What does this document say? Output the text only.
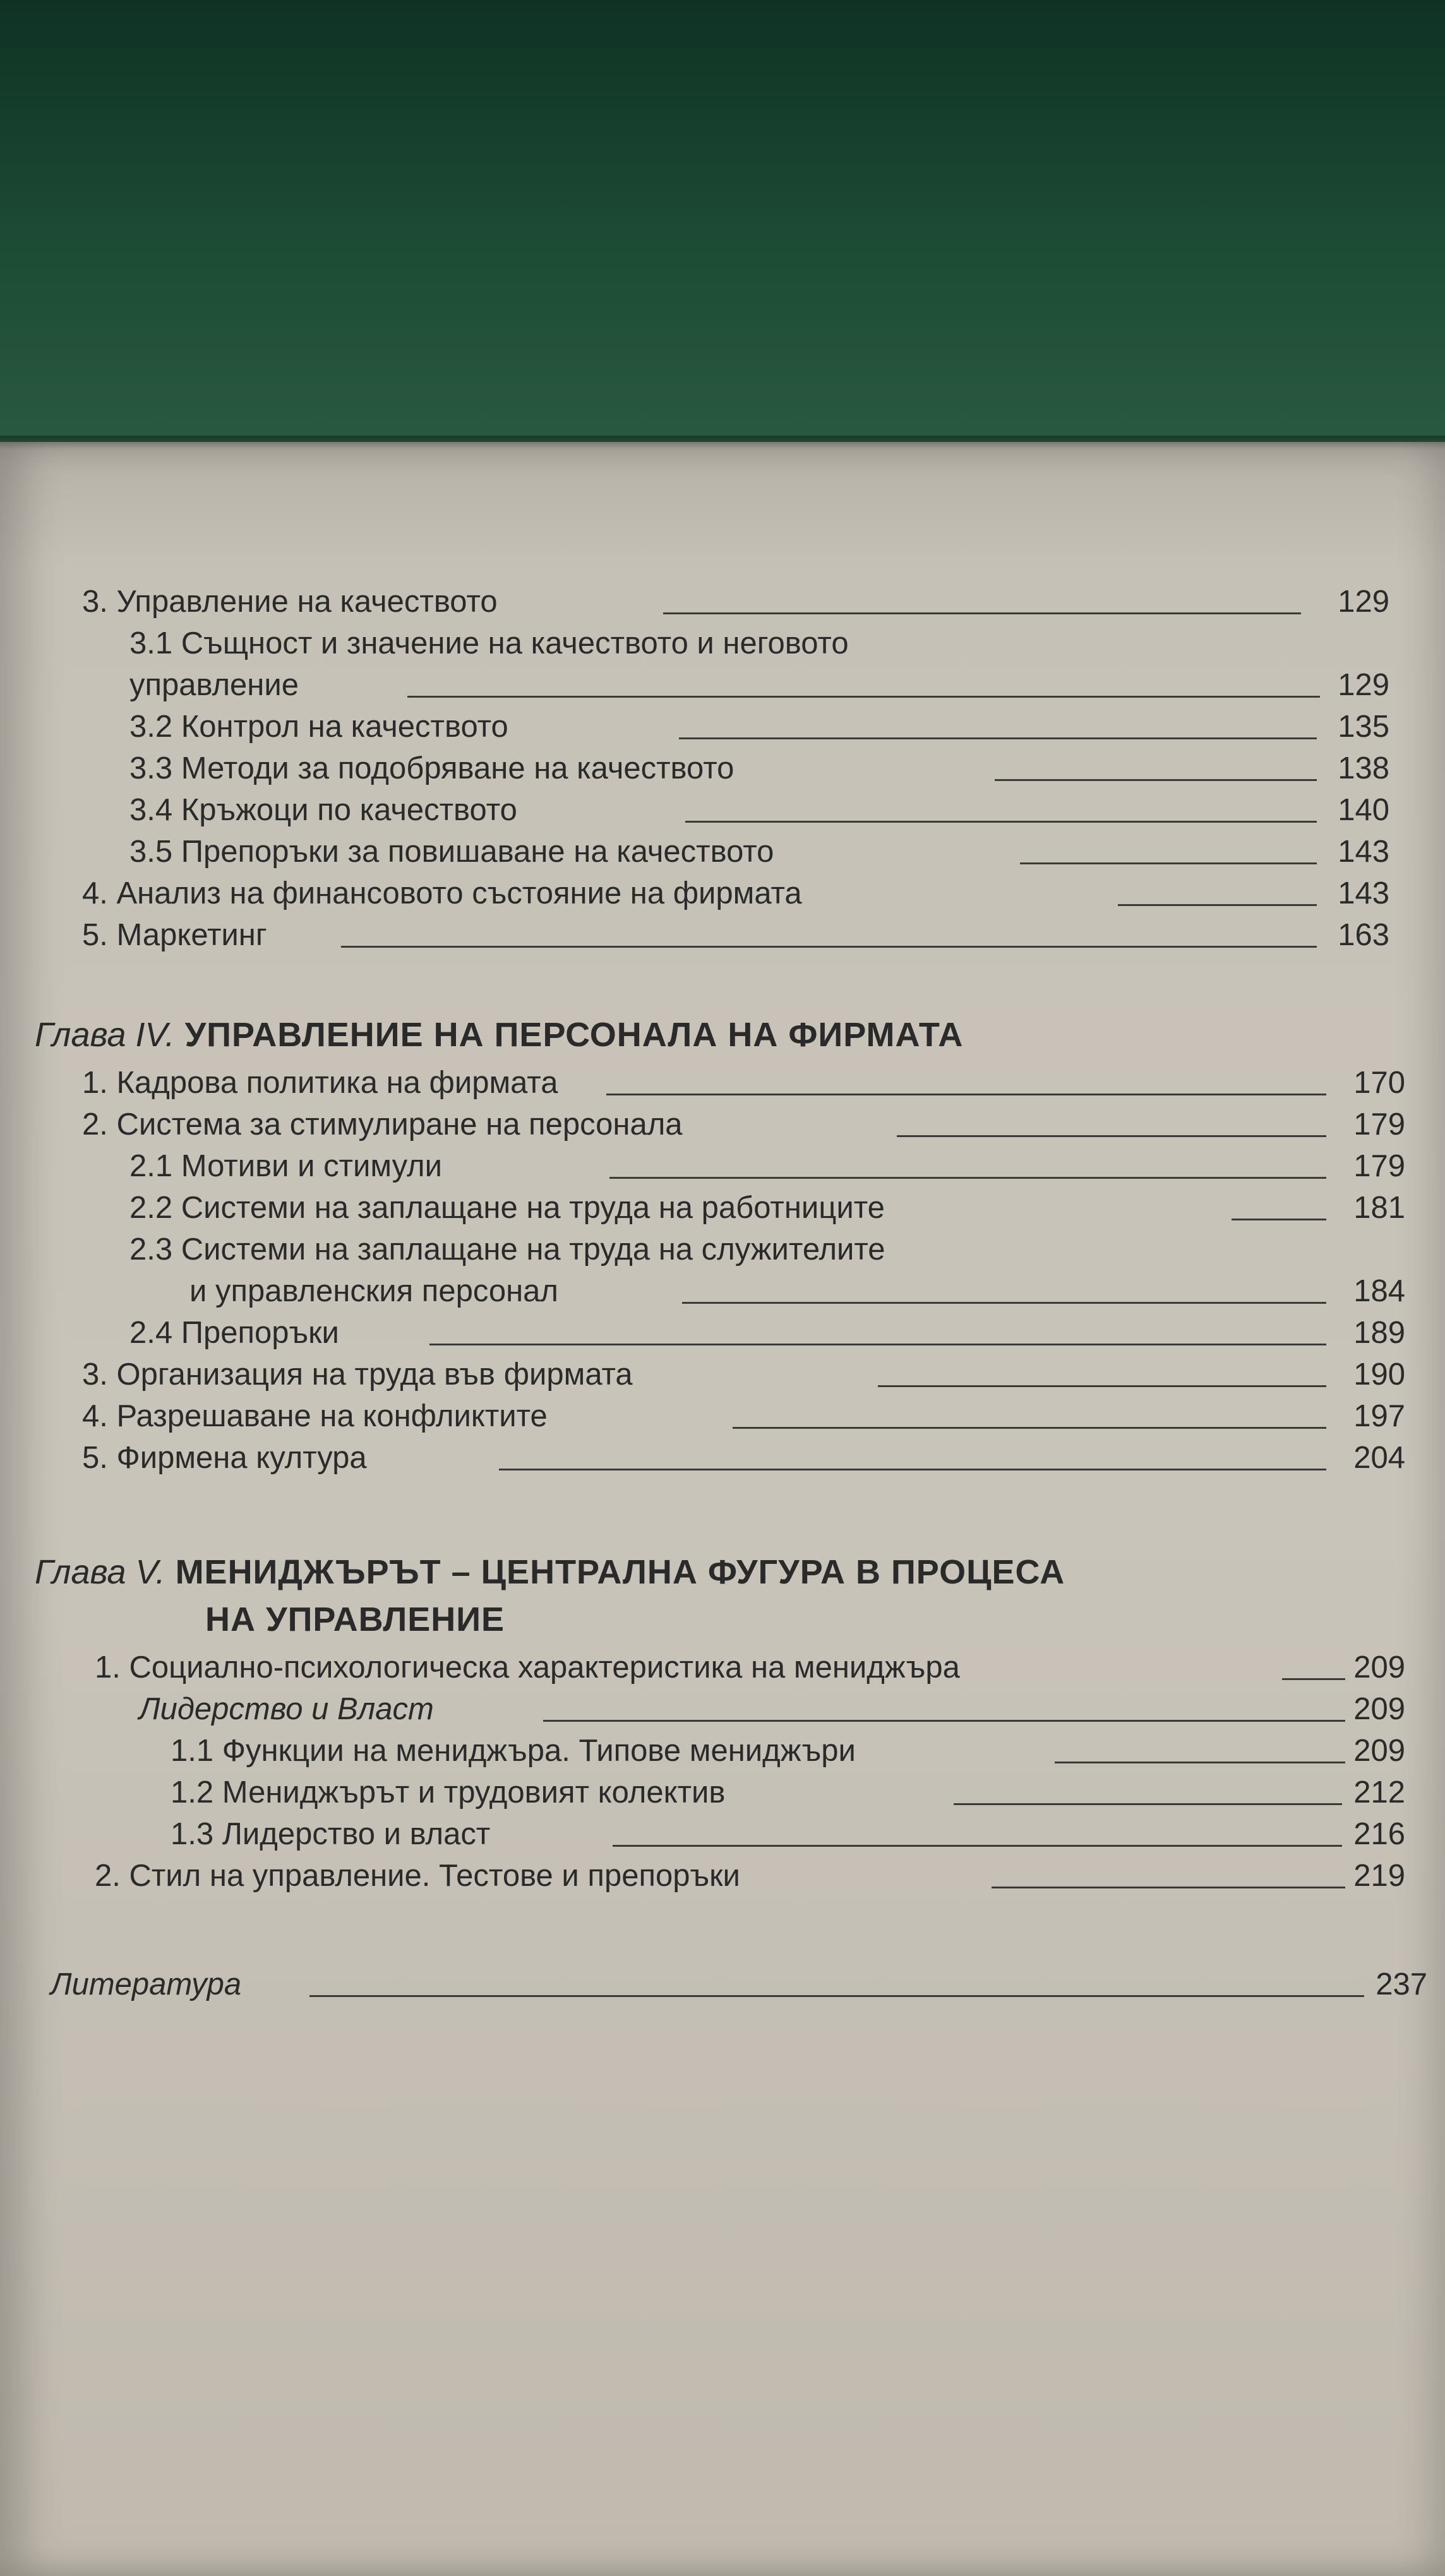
3. Управление на качеството	129
3.1 Същност и значение на качеството и неговото
управление	129
3.2 Контрол на качеството	135
3.3 Методи за подобряване на качеството	138
3.4 Кръжоци по качеството	140
3.5 Препоръки за повишаване на качеството	143
4. Анализ на финансовото състояние на фирмата	143
5. Маркетинг	163
Глава IV. УПРАВЛЕНИЕ НА ПЕРСОНАЛА НА ФИРМАТА
1. Кадрова политика на фирмата	170
2. Система за стимулиране на персонала	179
2.1 Мотиви и стимули	179
2.2 Системи на заплащане на труда на работниците	181
2.3 Системи на заплащане на труда на служителите
и управленския персонал	184
2.4 Препоръки	189
3. Организация на труда във фирмата	190
4. Разрешаване на конфликтите	197
5. Фирмена култура	204
Глава V. МЕНИДЖЪРЪТ – ЦЕНТРАЛНА ФУГУРА В ПРОЦЕСА
НА УПРАВЛЕНИЕ
1. Социално-психологическа характеристика на мениджъра	209
Лидерство и Власт	209
1.1 Функции на мениджъра. Типове мениджъри	209
1.2 Мениджърът и трудовият колектив	212
1.3 Лидерство и власт	216
2. Стил на управление. Тестове и препоръки	219
Литература	237
